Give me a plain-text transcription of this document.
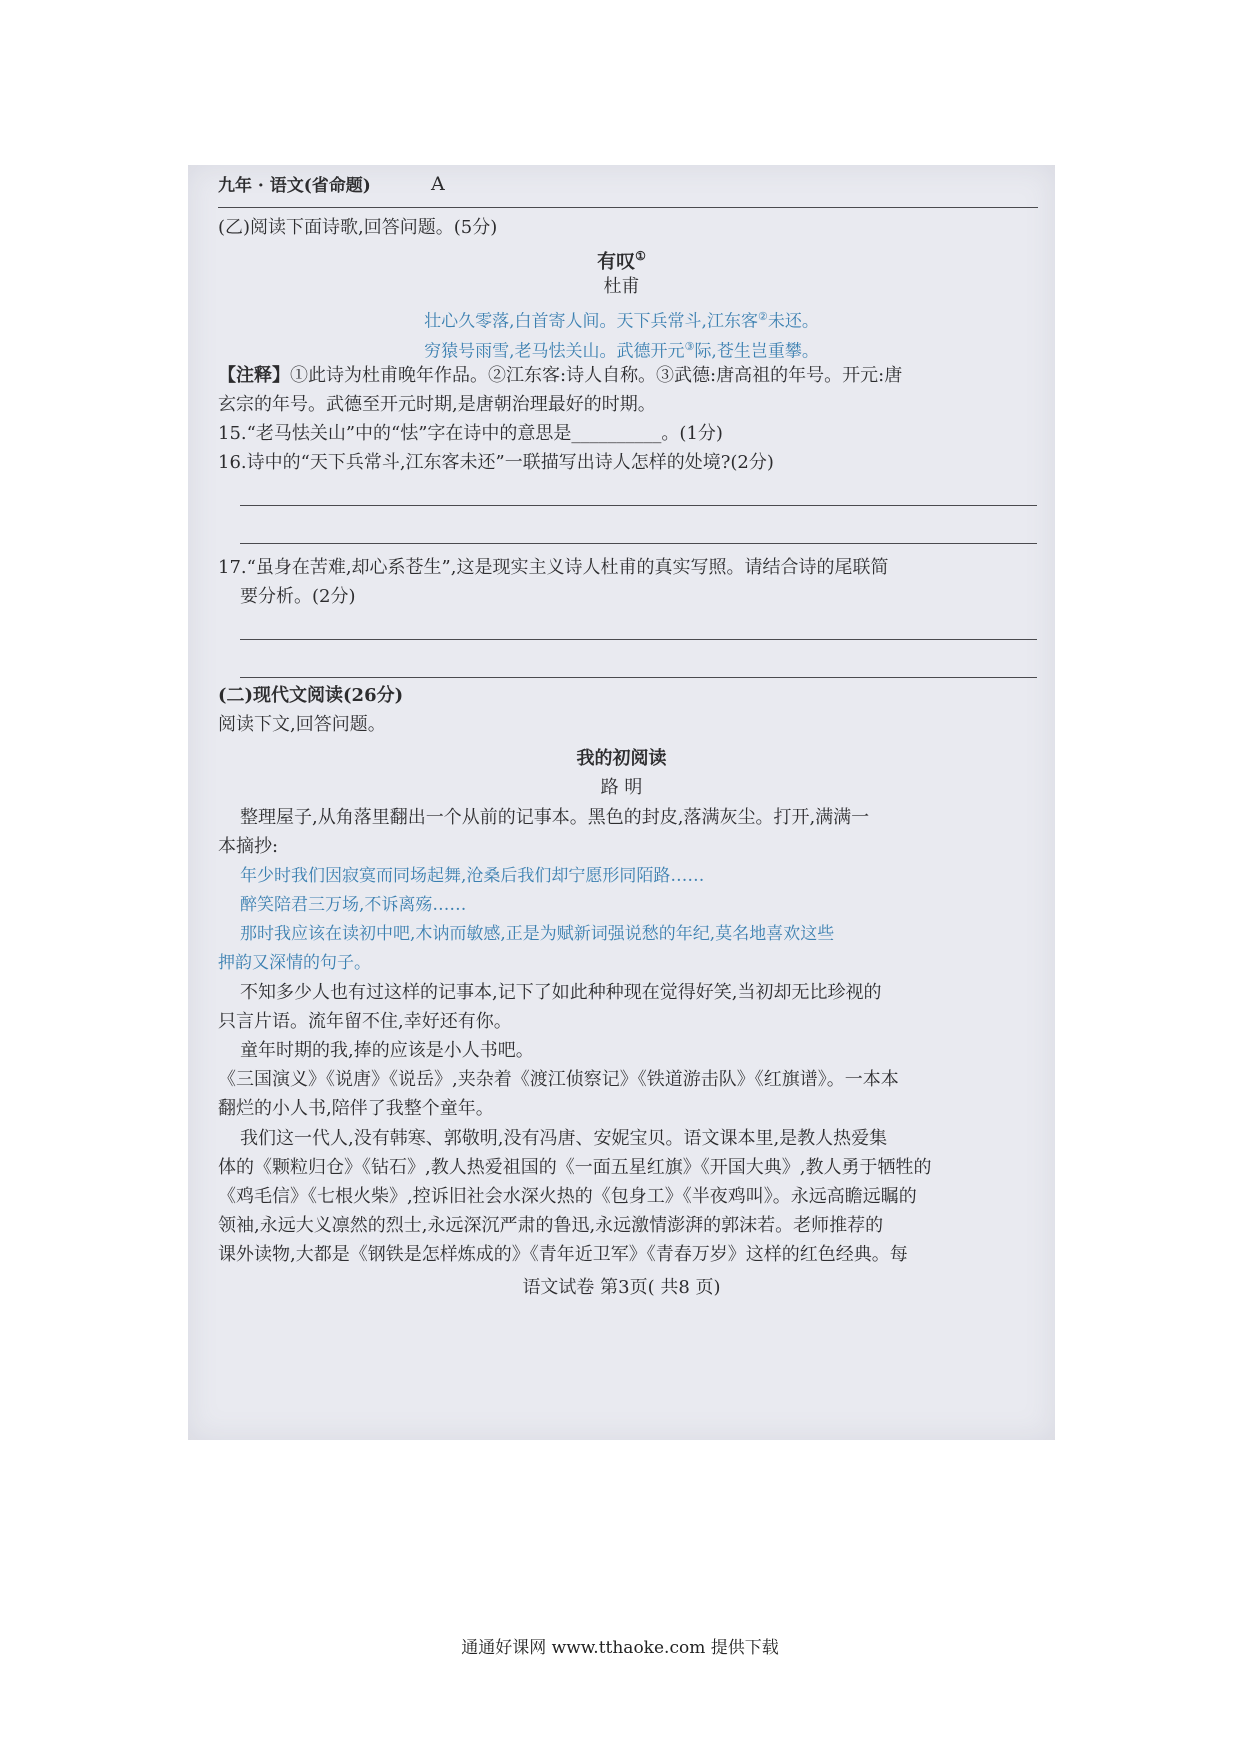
九年 · 语文(省命题)	A
(乙)阅读下面诗歌,回答问题。(5分)
有叹①
杜甫
壮心久零落,白首寄人间。天下兵常斗,江东客②未还。
穷猿号雨雪,老马怯关山。武德开元③际,苍生岂重攀。
【注释】①此诗为杜甫晚年作品。②江东客:诗人自称。③武德:唐高祖的年号。开元:唐
玄宗的年号。武德至开元时期,是唐朝治理最好的时期。
15.“老马怯关山”中的“怯”字在诗中的意思是__________。(1分)
16.诗中的“天下兵常斗,江东客未还”一联描写出诗人怎样的处境?(2分)
17.“虽身在苦难,却心系苍生”,这是现实主义诗人杜甫的真实写照。请结合诗的尾联简
要分析。(2分)
(二)现代文阅读(26分)
阅读下文,回答问题。
我的初阅读
路 明
整理屋子,从角落里翻出一个从前的记事本。黑色的封皮,落满灰尘。打开,满满一
本摘抄:
年少时我们因寂寞而同场起舞,沧桑后我们却宁愿形同陌路……
醉笑陪君三万场,不诉离殇……
那时我应该在读初中吧,木讷而敏感,正是为赋新词强说愁的年纪,莫名地喜欢这些
押韵又深情的句子。
不知多少人也有过这样的记事本,记下了如此种种现在觉得好笑,当初却无比珍视的
只言片语。流年留不住,幸好还有你。
童年时期的我,捧的应该是小人书吧。
《三国演义》《说唐》《说岳》,夹杂着《渡江侦察记》《铁道游击队》《红旗谱》。一本本
翻烂的小人书,陪伴了我整个童年。
我们这一代人,没有韩寒、郭敬明,没有冯唐、安妮宝贝。语文课本里,是教人热爱集
体的《颗粒归仓》《钻石》,教人热爱祖国的《一面五星红旗》《开国大典》,教人勇于牺牲的
《鸡毛信》《七根火柴》,控诉旧社会水深火热的《包身工》《半夜鸡叫》。永远高瞻远瞩的
领袖,永远大义凛然的烈士,永远深沉严肃的鲁迅,永远激情澎湃的郭沫若。老师推荐的
课外读物,大都是《钢铁是怎样炼成的》《青年近卫军》《青春万岁》这样的红色经典。每
语文试卷 第3页( 共8 页)
通通好课网 www.tthaoke.com 提供下载
